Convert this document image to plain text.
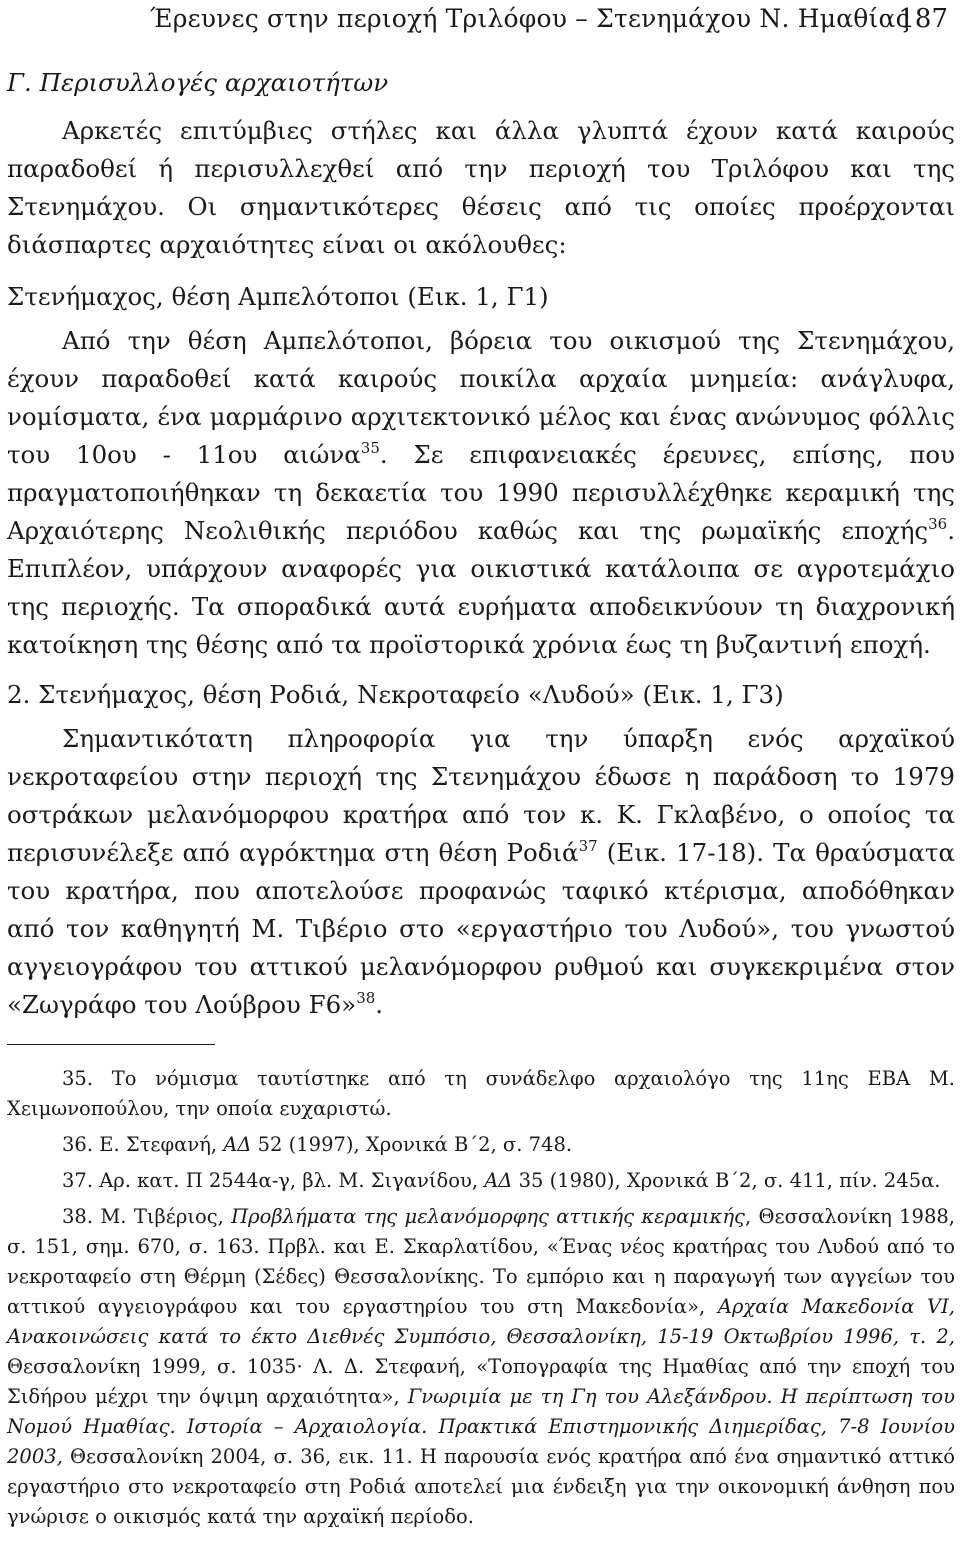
Έρευνες στην περιοχή Τριλόφου – Στενημάχου Ν. Ημαθίας
187

Γ. Περισυλλογές αρχαιοτήτων

Αρκετές επιτύμβιες στήλες και άλλα γλυπτά έχουν κατά καιρούς παραδοθεί ή περισυλλεχθεί από την περιοχή του Τριλόφου και της Στενημάχου. Οι σημαντικότερες θέσεις από τις οποίες προέρχονται διάσπαρτες αρχαιότητες είναι οι ακόλουθες:

Στενήμαχος, θέση Αμπελότοποι (Εικ. 1, Γ1)

Από την θέση Αμπελότοποι, βόρεια του οικισμού της Στενημάχου, έχουν παραδοθεί κατά καιρούς ποικίλα αρχαία μνημεία: ανάγλυφα, νομίσματα, ένα μαρμάρινο αρχιτεκτονικό μέλος και ένας ανώνυμος φόλλις του 10ου - 11ου αιώνα$^{35}$. Σε επιφανειακές έρευνες, επίσης, που πραγματοποιήθηκαν τη δεκαετία του 1990 περισυλλέχθηκε κεραμική της Αρχαιότερης Νεολιθικής περιόδου καθώς και της ρωμαϊκής εποχής$^{36}$. Επιπλέον, υπάρχουν αναφορές για οικιστικά κατάλοιπα σε αγροτεμάχιο της περιοχής. Τα σποραδικά αυτά ευρήματα αποδεικνύουν τη διαχρονική κατοίκηση της θέσης από τα προϊστορικά χρόνια έως τη βυζαντινή εποχή.

2. Στενήμαχος, θέση Ροδιά, Νεκροταφείο «Λυδού» (Εικ. 1, Γ3)

Σημαντικότατη πληροφορία για την ύπαρξη ενός αρχαϊκού νεκροταφείου στην περιοχή της Στενημάχου έδωσε η παράδοση το 1979 οστράκων μελανόμορφου κρατήρα από τον κ. Κ. Γκλαβένο, ο οποίος τα περισυνέλεξε από αγρόκτημα στη θέση Ροδιά$^{37}$ (Εικ. 17-18). Τα θραύσματα του κρατήρα, που αποτελούσε προφανώς ταφικό κτέρισμα, αποδόθηκαν από τον καθηγητή Μ. Τιβέριο στο «εργαστήριο του Λυδού», του γνωστού αγγειογράφου του αττικού μελανόμορφου ρυθμού και συγκεκριμένα στον «Ζωγράφο του Λούβρου F6»$^{38}$.

35. Το νόμισμα ταυτίστηκε από τη συνάδελφο αρχαιολόγο της 11ης ΕΒΑ Μ. Χειμωνοπούλου, την οποία ευχαριστώ.

36. Ε. Στεφανή, ΑΔ 52 (1997), Χρονικά Β΄2, σ. 748.

37. Αρ. κατ. Π 2544α-γ, βλ. Μ. Σιγανίδου, ΑΔ 35 (1980), Χρονικά Β΄2, σ. 411, πίν. 245α.

38. Μ. Τιβέριος, Προβλήματα της μελανόμορφης αττικής κεραμικής, Θεσσαλονίκη 1988, σ. 151, σημ. 670, σ. 163. Πρβλ. και Ε. Σκαρλατίδου, «Ένας νέος κρατήρας του Λυδού από το νεκροταφείο στη Θέρμη (Σέδες) Θεσσαλονίκης. Το εμπόριο και η παραγωγή των αγγείων του αττικού αγγειογράφου και του εργαστηρίου του στη Μακεδονία», Αρχαία Μακεδονία VI, Ανακοινώσεις κατά το έκτο Διεθνές Συμπόσιο, Θεσσαλονίκη, 15-19 Οκτωβρίου 1996, τ. 2, Θεσσαλονίκη 1999, σ. 1035· Λ. Δ. Στεφανή, «Τοπογραφία της Ημαθίας από την εποχή του Σιδήρου μέχρι την όψιμη αρχαιότητα», Γνωριμία με τη Γη του Αλεξάνδρου. Η περίπτωση του Νομού Ημαθίας. Ιστορία – Αρχαιολογία. Πρακτικά Επιστημονικής Διημερίδας, 7-8 Ιουνίου 2003, Θεσσαλονίκη 2004, σ. 36, εικ. 11. Η παρουσία ενός κρατήρα από ένα σημαντικό αττικό εργαστήριο στο νεκροταφείο στη Ροδιά αποτελεί μια ένδειξη για την οικονομική άνθηση που γνώρισε ο οικισμός κατά την αρχαϊκή περίοδο.
